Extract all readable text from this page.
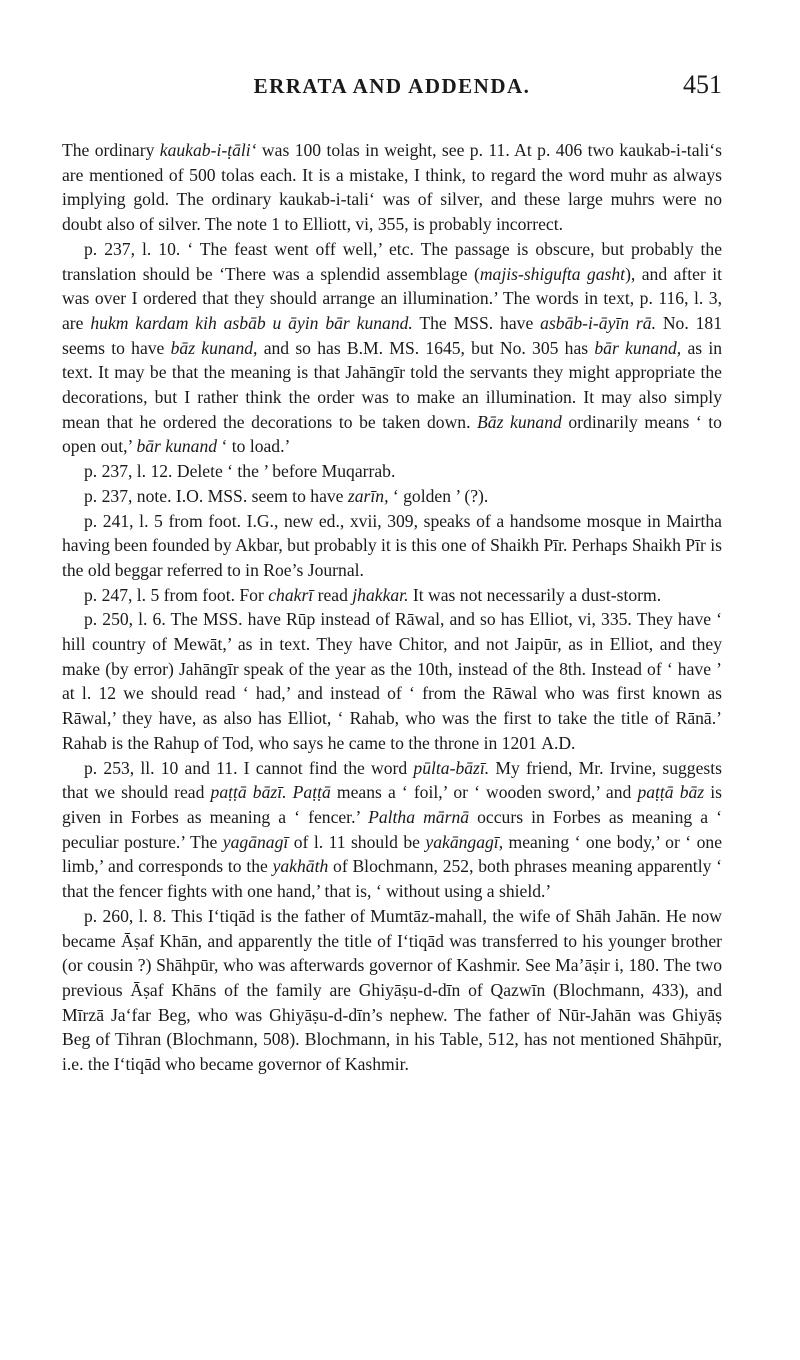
ERRATA AND ADDENDA.	451

The ordinary kaukab-i-ṭāli‘ was 100 tolas in weight, see p. 11. At p. 406 two kaukab-i-tali‘s are mentioned of 500 tolas each. It is a mistake, I think, to regard the word muhr as always implying gold. The ordinary kaukab-i-tali‘ was of silver, and these large muhrs were no doubt also of silver. The note 1 to Elliott, vi, 355, is probably incorrect.

p. 237, l. 10. ‘ The feast went off well,’ etc. The passage is obscure, but probably the translation should be ‘There was a splendid assemblage (majis‑shigufta gasht), and after it was over I ordered that they should arrange an illumination.’ The words in text, p. 116, l. 3, are hukm kardam kih asbāb u āyin bār kunand. The MSS. have asbāb-i-āyīn rā. No. 181 seems to have bāz kunand, and so has B.M. MS. 1645, but No. 305 has bār kunand, as in text. It may be that the meaning is that Jahāngīr told the servants they might appropriate the decorations, but I rather think the order was to make an illumination. It may also simply mean that he ordered the decorations to be taken down. Bāz kunand ordinarily means ‘ to open out,’ bār kunand ‘ to load.’

p. 237, l. 12. Delete ‘ the ’ before Muqarrab.

p. 237, note. I.O. MSS. seem to have zarīn, ‘ golden ’ (?).

p. 241, l. 5 from foot. I.G., new ed., xvii, 309, speaks of a handsome mosque in Mairtha having been founded by Akbar, but probably it is this one of Shaikh Pīr. Perhaps Shaikh Pīr is the old beggar referred to in Roe’s Journal.

p. 247, l. 5 from foot. For chakrī read jhakkar. It was not necessarily a dust-storm.

p. 250, l. 6. The MSS. have Rūp instead of Rāwal, and so has Elliot, vi, 335. They have ‘ hill country of Mewāt,’ as in text. They have Chitor, and not Jaipūr, as in Elliot, and they make (by error) Jahāngīr speak of the year as the 10th, instead of the 8th. Instead of ‘ have ’ at l. 12 we should read ‘ had,’ and instead of ‘ from the Rāwal who was first known as Rāwal,’ they have, as also has Elliot, ‘ Rahab, who was the first to take the title of Rānā.’ Rahab is the Rahup of Tod, who says he came to the throne in 1201 A.D.

p. 253, ll. 10 and 11. I cannot find the word pūlta-bāzī. My friend, Mr. Irvine, suggests that we should read paṭṭā bāzī. Paṭṭā means a ‘ foil,’ or ‘ wooden sword,’ and paṭṭā bāz is given in Forbes as meaning a ‘ fencer.’ Paltha mārnā occurs in Forbes as meaning a ‘ peculiar posture.’ The yagānagī of l. 11 should be yakāngagī, meaning ‘ one body,’ or ‘ one limb,’ and corresponds to the yakhāth of Blochmann, 252, both phrases meaning apparently ‘ that the fencer fights with one hand,’ that is, ‘ without using a shield.’

p. 260, l. 8. This I‘tiqād is the father of Mumtāz-mahall, the wife of Shāh Jahān. He now became Āṣaf Khān, and apparently the title of I‘tiqād was transferred to his younger brother (or cousin ?) Shāhpūr, who was afterwards governor of Kashmir. See Ma’āṣir i, 180. The two previous Āṣaf Khāns of the family are Ghiyāṣu-d-dīn of Qazwīn (Blochmann, 433), and Mīrzā Ja‘far Beg, who was Ghiyāṣu-d-dīn’s nephew. The father of Nūr-Jahān was Ghiyāṣ Beg of Tihran (Blochmann, 508). Blochmann, in his Table, 512, has not mentioned Shāhpūr, i.e. the I‘tiqād who became governor of Kashmir.
